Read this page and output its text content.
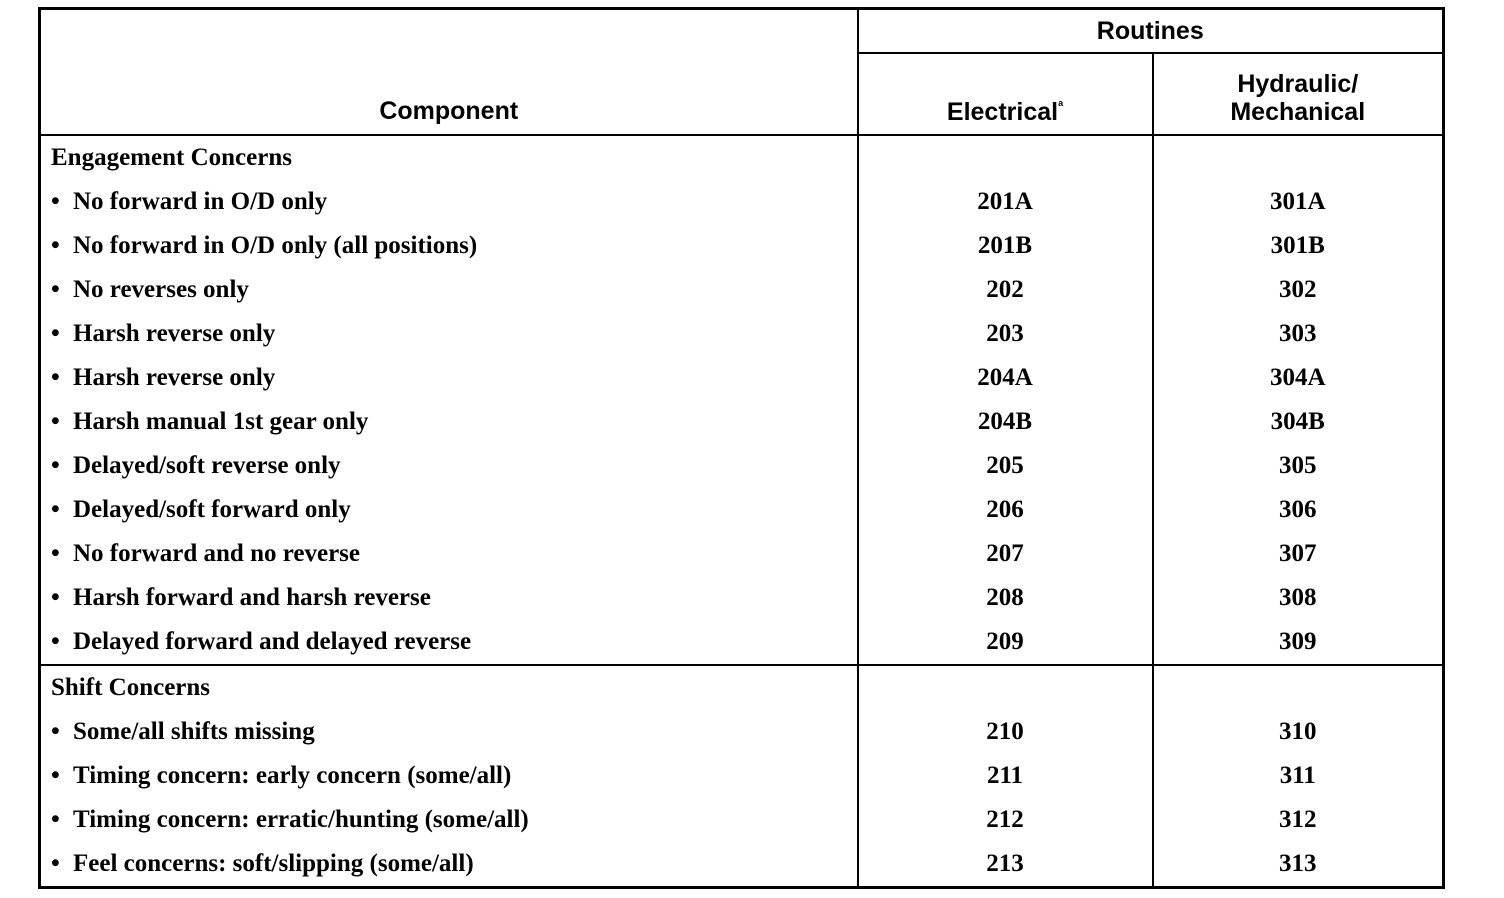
Component	Routines	
	Electrical$^a$	Hydraulic/
Mechanical
Engagement Concerns		
• No forward in O/D only	201A	301A
• No forward in O/D only (all positions)	201B	301B
• No reverses only	202	302
• Harsh reverse only	203	303
• Harsh reverse only	204A	304A
• Harsh manual 1st gear only	204B	304B
• Delayed/soft reverse only	205	305
• Delayed/soft forward only	206	306
• No forward and no reverse	207	307
• Harsh forward and harsh reverse	208	308
• Delayed forward and delayed reverse	209	309
Shift Concerns		
• Some/all shifts missing	210	310
• Timing concern: early concern (some/all)	211	311
• Timing concern: erratic/hunting (some/all)	212	312
• Feel concerns: soft/slipping (some/all)	213	313
